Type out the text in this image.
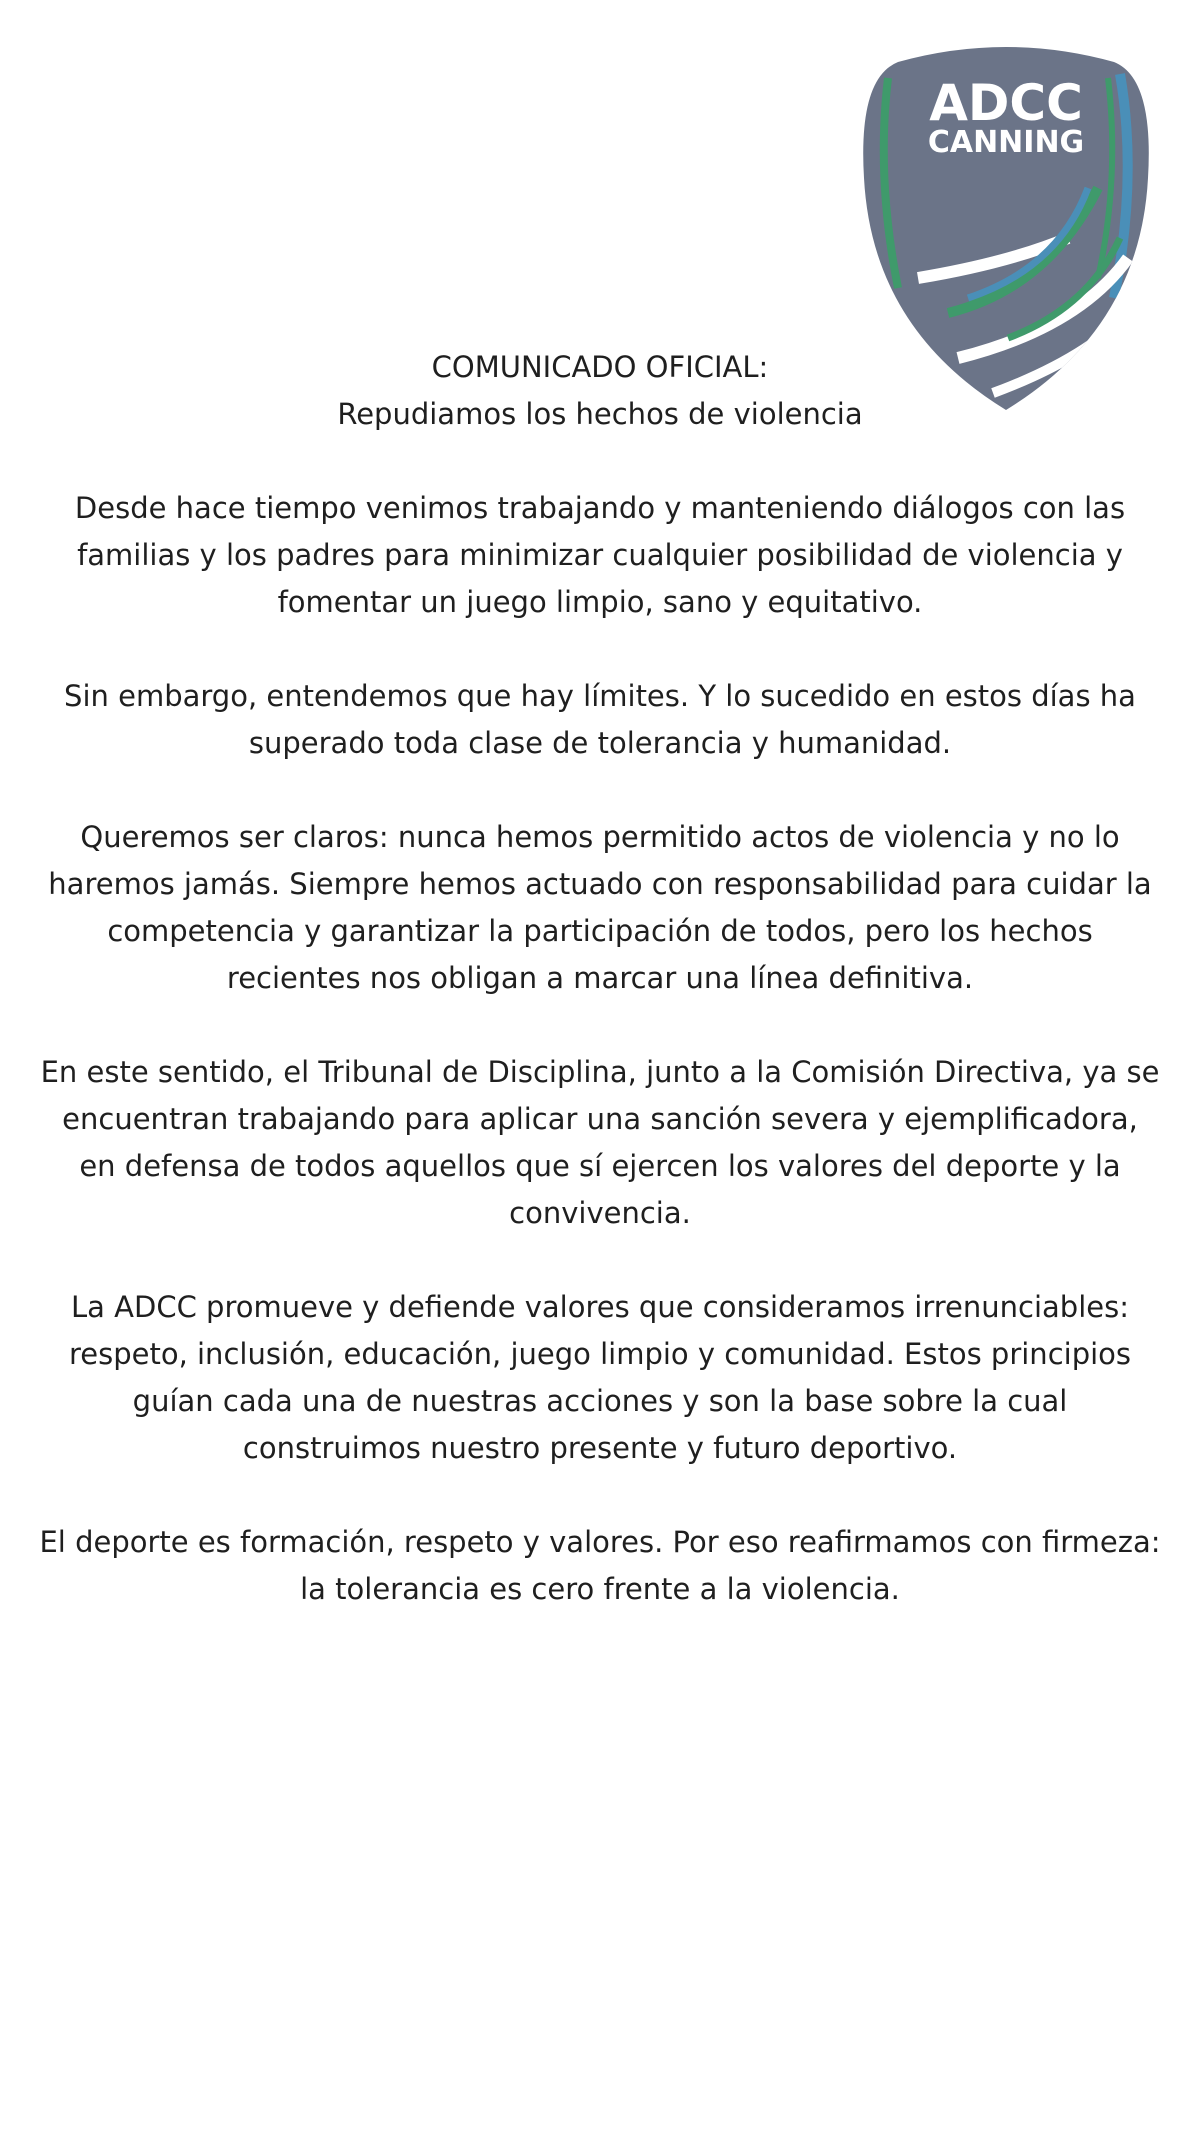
ADCC
CANNING
COMUNICADO OFICIAL:
Repudiamos los hechos de violencia

Desde hace tiempo venimos trabajando y manteniendo diálogos con las
familias y los padres para minimizar cualquier posibilidad de violencia y
fomentar un juego limpio, sano y equitativo.

Sin embargo, entendemos que hay límites. Y lo sucedido en estos días ha
superado toda clase de tolerancia y humanidad.

Queremos ser claros: nunca hemos permitido actos de violencia y no lo
haremos jamás. Siempre hemos actuado con responsabilidad para cuidar la
competencia y garantizar la participación de todos, pero los hechos
recientes nos obligan a marcar una línea definitiva.

En este sentido, el Tribunal de Disciplina, junto a la Comisión Directiva, ya se
encuentran trabajando para aplicar una sanción severa y ejemplificadora,
en defensa de todos aquellos que sí ejercen los valores del deporte y la
convivencia.

La ADCC promueve y defiende valores que consideramos irrenunciables:
respeto, inclusión, educación, juego limpio y comunidad. Estos principios
guían cada una de nuestras acciones y son la base sobre la cual
construimos nuestro presente y futuro deportivo.

El deporte es formación, respeto y valores. Por eso reafirmamos con firmeza:
la tolerancia es cero frente a la violencia.
